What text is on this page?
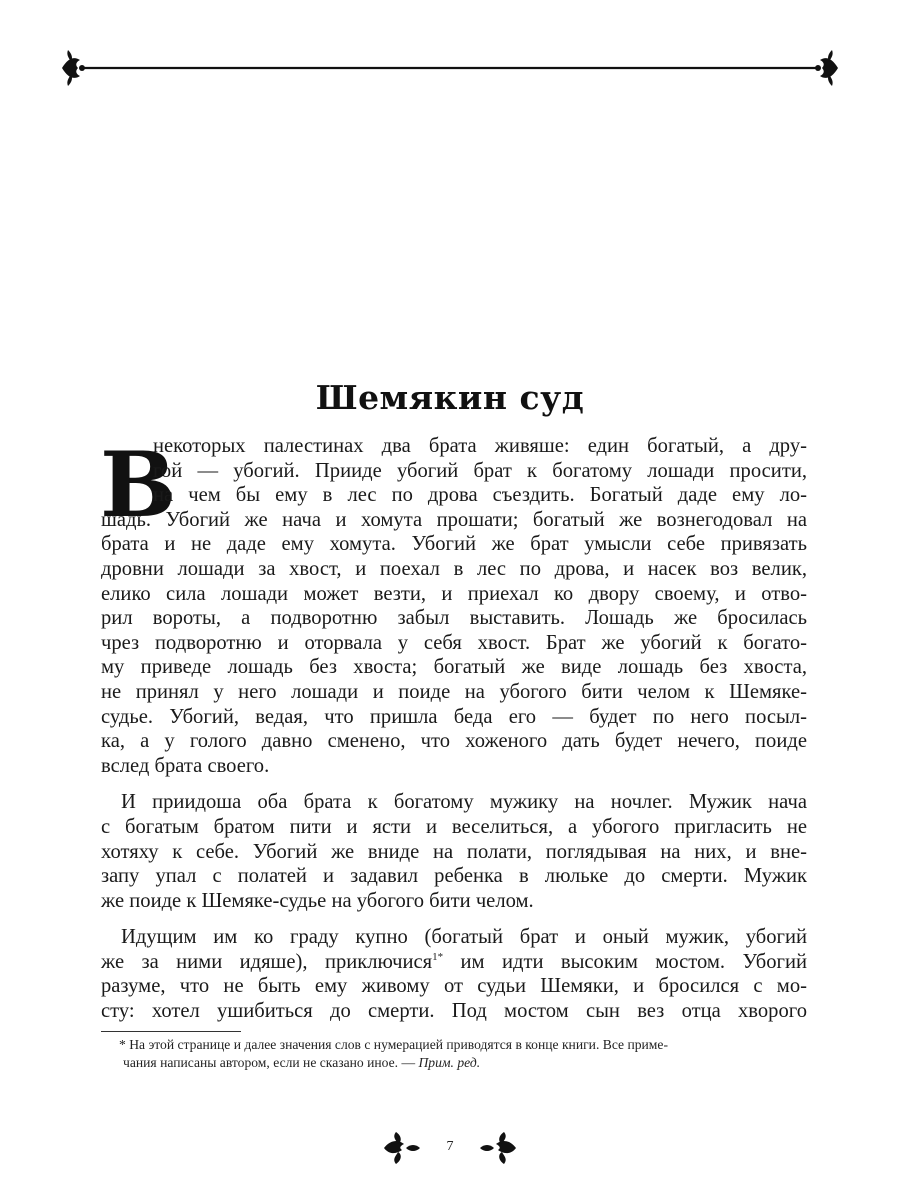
Шемякин суд
В
некоторых палестинах два брата живяше: един богатый, а дру-
гой — убогий. Прииде убогий брат к богатому лошади просити,
на чем бы ему в лес по дрова съездить. Богатый даде ему ло-
шадь. Убогий же нача и хомута прошати; богатый же вознегодовал на
брата и не даде ему хомута. Убогий же брат умысли себе привязать
дровни лошади за хвост, и поехал в лес по дрова, и насек воз велик,
елико сила лошади может везти, и приехал ко двору своему, и отво-
рил вороты, а подворотню забыл выставить. Лошадь же бросилась
чрез подворотню и оторвала у себя хвост. Брат же убогий к богато-
му приведе лошадь без хвоста; богатый же виде лошадь без хвоста,
не принял у него лошади и поиде на убогого бити челом к Шемяке-
судье. Убогий, ведая, что пришла беда его — будет по него посыл-
ка, а у голого давно сменено, что хоженого дать будет нечего, поиде
вслед брата своего.
И приидоша оба брата к богатому мужику на ночлег. Мужик нача
с богатым братом пити и ясти и веселиться, а убогого пригласить не
хотяху к себе. Убогий же вниде на полати, поглядывая на них, и вне-
запу упал с полатей и задавил ребенка в люльке до смерти. Мужик
же поиде к Шемяке-судье на убогого бити челом.
Идущим им ко граду купно (богатый брат и оный мужик, убогий
же за ними идяше), приключися$^{1*}$ им идти высоким мостом. Убогий
разуме, что не быть ему живому от судьи Шемяки, и бросился с мо-
сту: хотел ушибиться до смерти. Под мостом сын вез отца хворого
* На этой странице и далее значения слов с нумерацией приводятся в конце книги. Все приме-
чания написаны автором, если не сказано иное. — Прим. ред.
7
